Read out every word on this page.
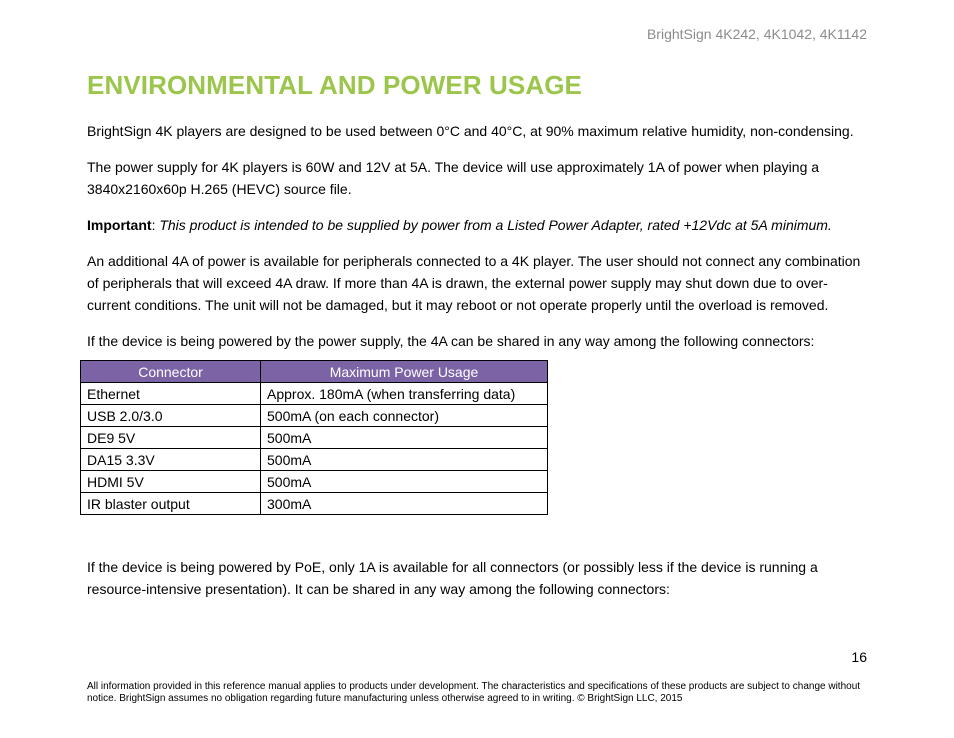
BrightSign 4K242, 4K1042, 4K1142
ENVIRONMENTAL AND POWER USAGE

BrightSign 4K players are designed to be used between 0°C and 40°C, at 90% maximum relative humidity, non-condensing.

The power supply for 4K players is 60W and 12V at 5A. The device will use approximately 1A of power when playing a 3840x2160x60p H.265 (HEVC) source file.

Important: This product is intended to be supplied by power from a Listed Power Adapter, rated +12Vdc at 5A minimum.

An additional 4A of power is available for peripherals connected to a 4K player. The user should not connect any combination of peripherals that will exceed 4A draw. If more than 4A is drawn, the external power supply may shut down due to over-current conditions. The unit will not be damaged, but it may reboot or not operate properly until the overload is removed.

If the device is being powered by the power supply, the 4A can be shared in any way among the following connectors:

Connector	Maximum Power Usage
Ethernet	Approx. 180mA (when transferring data)
USB 2.0/3.0	500mA (on each connector)
DE9 5V	500mA
DA15 3.3V	500mA
HDMI 5V	500mA
IR blaster output	300mA

If the device is being powered by PoE, only 1A is available for all connectors (or possibly less if the device is running a resource-intensive presentation). It can be shared in any way among the following connectors:

16
All information provided in this reference manual applies to products under development. The characteristics and specifications of these products are subject to change without notice. BrightSign assumes no obligation regarding future manufacturing unless otherwise agreed to in writing. © BrightSign LLC, 2015
